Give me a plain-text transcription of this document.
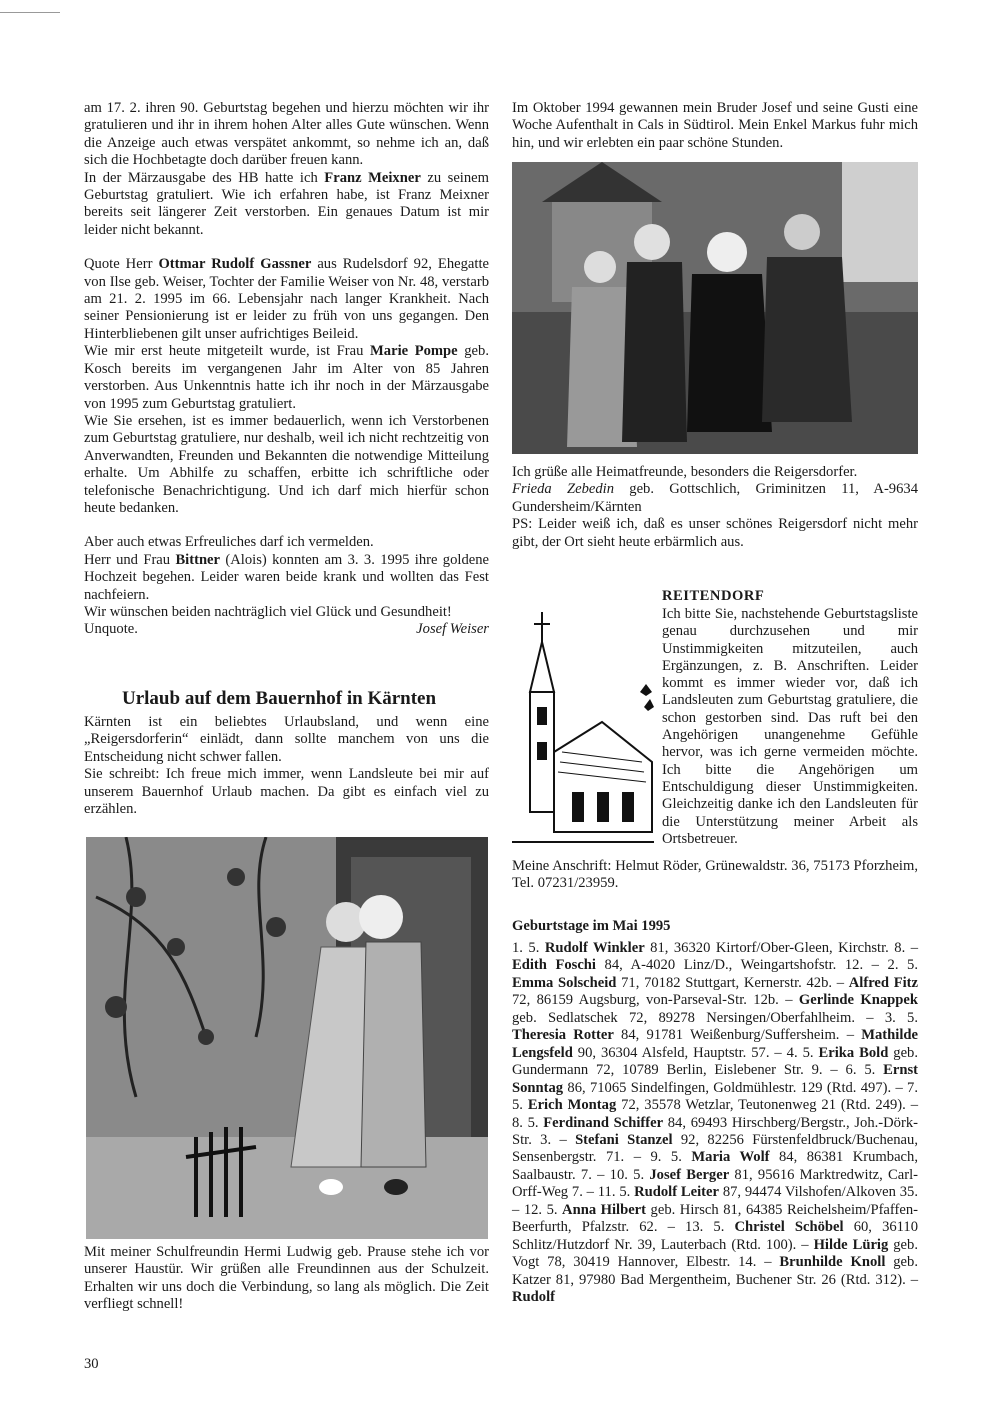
am 17. 2. ihren 90. Geburtstag begehen und hierzu möchten wir ihr gratulieren und ihr in ihrem hohen Alter alles Gute wünschen. Wenn die Anzeige auch etwas verspätet ankommt, so nehme ich an, daß sich die Hochbetagte doch darüber freuen kann.

In der Märzausgabe des HB hatte ich Franz Meixner zu seinem Geburtstag gratuliert. Wie ich erfahren habe, ist Franz Meixner bereits seit längerer Zeit verstorben. Ein genaues Datum ist mir leider nicht bekannt.

Quote Herr Ottmar Rudolf Gassner aus Rudelsdorf 92, Ehegatte von Ilse geb. Weiser, Tochter der Familie Weiser von Nr. 48, verstarb am 21. 2. 1995 im 66. Lebensjahr nach langer Krankheit. Nach seiner Pensionierung ist er leider zu früh von uns gegangen. Den Hinterbliebenen gilt unser aufrichtiges Beileid.

Wie mir erst heute mitgeteilt wurde, ist Frau Marie Pompe geb. Kosch bereits im vergangenen Jahr im Alter von 85 Jahren verstorben. Aus Unkenntnis hatte ich ihr noch in der Märzausgabe von 1995 zum Geburtstag gratuliert.

Wie Sie ersehen, ist es immer bedauerlich, wenn ich Verstorbenen zum Geburtstag gratuliere, nur deshalb, weil ich nicht rechtzeitig von Anverwandten, Freunden und Bekannten die notwendige Mitteilung erhalte. Um Abhilfe zu schaffen, erbitte ich schriftliche oder telefonische Benachrichtigung. Und ich darf mich hierfür schon heute bedanken.

Aber auch etwas Erfreuliches darf ich vermelden.

Herr und Frau Bittner (Alois) konnten am 3. 3. 1995 ihre goldene Hochzeit begehen. Leider waren beide krank und wollten das Fest nachfeiern.

Wir wünschen beiden nachträglich viel Glück und Gesundheit!

Unquote.	Josef Weiser

Urlaub auf dem Bauernhof in Kärnten

Kärnten ist ein beliebtes Urlaubsland, und wenn eine „Reigersdorferin“ einlädt, dann sollte manchem von uns die Entscheidung nicht schwer fallen.

Sie schreibt: Ich freue mich immer, wenn Landsleute bei mir auf unserem Bauernhof Urlaub machen. Da gibt es einfach viel zu erzählen.

Mit meiner Schulfreundin Hermi Ludwig geb. Prause stehe ich vor unserer Haustür. Wir grüßen alle Freundinnen aus der Schulzeit. Erhalten wir uns doch die Verbindung, so lang als möglich. Die Zeit verfliegt schnell!

Im Oktober 1994 gewannen mein Bruder Josef und seine Gusti eine Woche Aufenthalt in Cals in Südtirol. Mein Enkel Markus fuhr mich hin, und wir erlebten ein paar schöne Stunden.

Ich grüße alle Heimatfreunde, besonders die Reigersdorfer.

Frieda Zebedin geb. Gottschlich, Griminitzen 11, A-9634 Gundersheim/Kärnten

PS: Leider weiß ich, daß es unser schönes Reigersdorf nicht mehr gibt, der Ort sieht heute erbärmlich aus.

REITENDORF
Ich bitte Sie, nachstehende Geburtstagsliste genau durchzusehen und mir Unstimmigkeiten mitzuteilen, auch Ergänzungen, z. B. Anschriften. Leider kommt es immer wieder vor, daß ich Landsleuten zum Geburtstag gratuliere, die schon gestorben sind. Das ruft bei den Angehörigen unangenehme Gefühle hervor, was ich gerne vermeiden möchte. Ich bitte die Angehörigen um Entschuldigung dieser Unstimmigkeiten. Gleichzeitig danke ich den Landsleuten für die Unterstützung meiner Arbeit als Ortsbetreuer.
Meine Anschrift: Helmut Röder, Grünewaldstr. 36, 75173 Pforzheim, Tel. 07231/23959.
Geburtstage im Mai 1995
1. 5. Rudolf Winkler 81, 36320 Kirtorf/Ober-Gleen, Kirchstr. 8. – Edith Foschi 84, A-4020 Linz/D., Weingartshofstr. 12. – 2. 5. Emma Solscheid 71, 70182 Stuttgart, Kernerstr. 42b. – Alfred Fitz 72, 86159 Augsburg, von-Parseval-Str. 12b. – Gerlinde Knappek geb. Sedlatschek 72, 89278 Nersingen/Oberfahlheim. – 3. 5. Theresia Rotter 84, 91781 Weißenburg/Suffersheim. – Mathilde Lengsfeld 90, 36304 Alsfeld, Hauptstr. 57. – 4. 5. Erika Bold geb. Gundermann 72, 10789 Berlin, Eislebener Str. 9. – 6. 5. Ernst Sonntag 86, 71065 Sindelfingen, Goldmühlestr. 129 (Rtd. 497). – 7. 5. Erich Montag 72, 35578 Wetzlar, Teutonenweg 21 (Rtd. 249). – 8. 5. Ferdinand Schiffer 84, 69493 Hirschberg/Bergstr., Joh.-Dörk-Str. 3. – Stefani Stanzel 92, 82256 Fürstenfeldbruck/Buchenau, Sensenbergstr. 71. – 9. 5. Maria Wolf 84, 86381 Krumbach, Saalbaustr. 7. – 10. 5. Josef Berger 81, 95616 Marktredwitz, Carl-Orff-Weg 7. – 11. 5. Rudolf Leiter 87, 94474 Vilshofen/Alkoven 35. – 12. 5. Anna Hilbert geb. Hirsch 81, 64385 Reichelsheim/Pfaffen-Beerfurth, Pfalzstr. 62. – 13. 5. Christel Schöbel 60, 36110 Schlitz/Hutzdorf Nr. 39, Lauterbach (Rtd. 100). – Hilde Lürig geb. Vogt 78, 30419 Hannover, Elbestr. 14. – Brunhilde Knoll geb. Katzer 81, 97980 Bad Mergentheim, Buchener Str. 26 (Rtd. 312). – Rudolf
30
